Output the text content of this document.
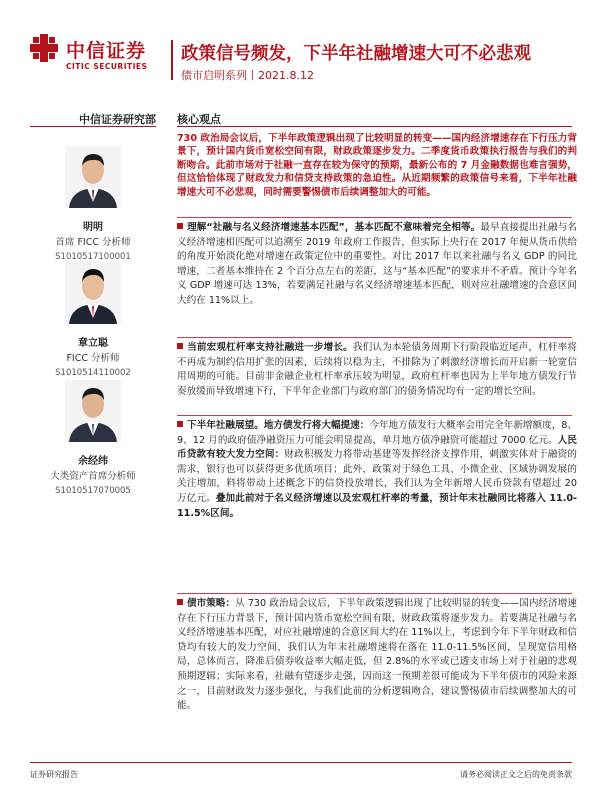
中信证券
CITIC SECURITIES
政策信号频发，下半年社融增速大可不必悲观
债市启明系列丨2021.8.12
中信证券研究部 核心观点
明明
首席 FICC 分析师
S1010517100001
章立聪
FICC 分析师
S1010514110002
余经纬
大类资产首席分析师
S1010517070005
730 政治局会议后，下半年政策逻辑出现了比较明显的转变——国内经济增速存在下行压力背景下，预计国内货币宽松空间有限，财政政策逐步发力。二季度货币政策执行报告与我们的判断吻合。此前市场对于社融一直存在较为保守的预期，最新公布的 7 月金融数据也难言强势，但这恰恰体现了财政发力和信贷支持政策的急迫性。从近期频繁的政策信号来看，下半年社融增速大可不必悲观，同时需要警惕债市后续调整加大的可能。
理解“社融与名义经济增速基本匹配”，基本匹配不意味着完全相等。最早直接提出社融与名义经济增速相匹配可以追溯至 2019 年政府工作报告，但实际上央行在 2017 年便从货币供给的角度开始淡化绝对增速在政策定位中的重要性。对比 2017 年以来社融与名义 GDP 的同比增速，二者基本维持在 2 个百分点左右的差距，这与“基本匹配”的要求并不矛盾。预计今年名义 GDP 增速可达 13%，若要满足社融与名义经济增速基本匹配，则对应社融增速的合意区间大约在 11%以上。
当前宏观杠杆率支持社融进一步增长。我们认为本轮债务周期下行阶段临近尾声，杠杆率将不再成为制约信用扩张的因素，后续将以稳为主，不排除为了刺激经济增长而开启新一轮宽信用周期的可能。目前非金融企业杠杆率承压较为明显，政府杠杆率也因为上半年地方债发行节奏放缓而导致增速下行，下半年企业部门与政府部门的债务情况均有一定的增长空间。
下半年社融展望。地方债发行将大幅提速：今年地方债发行大概率会用完全年新增额度，8、9、12 月的政府债净融资压力可能会明显提高，单月地方债净融资可能超过 7000 亿元。人民币贷款有较大发力空间：财政积极发力将带动基建等发挥经济支撑作用，刺激实体对于融资的需求，银行也可以获得更多优质项目；此外，政策对于绿色工具、小微企业、区域协调发展的关注增加，料将带动上述概念下的信贷投放增长，我们认为全年新增人民币贷款有望超过 20 万亿元。叠加此前对于名义经济增速以及宏观杠杆率的考量，预计年末社融同比将落入 11.0-11.5%区间。
债市策略：从 730 政治局会议后，下半年政策逻辑出现了比较明显的转变——国内经济增速存在下行压力背景下，预计国内货币宽松空间有限，财政政策将逐步发力。若要满足社融与名义经济增速基本匹配，对应社融增速的合意区间大约在 11%以上，考虑到今年下半年财政和信贷均有较大的发力空间，我们认为年末社融增速将在落在 11.0-11.5%区间，呈现宽信用格局，总体而言，降准后债券收益率大幅走低，但 2.8%的水平或已透支市场上对于社融的悲观预期逻辑；实际来看，社融有望逐步走强，因而这一预期差很可能成为下半年债市的风险来源之一，目前财政发力逐步强化，与我们此前的分析逻辑吻合，建议警惕债市后续调整加大的可能。
证券研究报告	请务必阅读正文之后的免责条款
